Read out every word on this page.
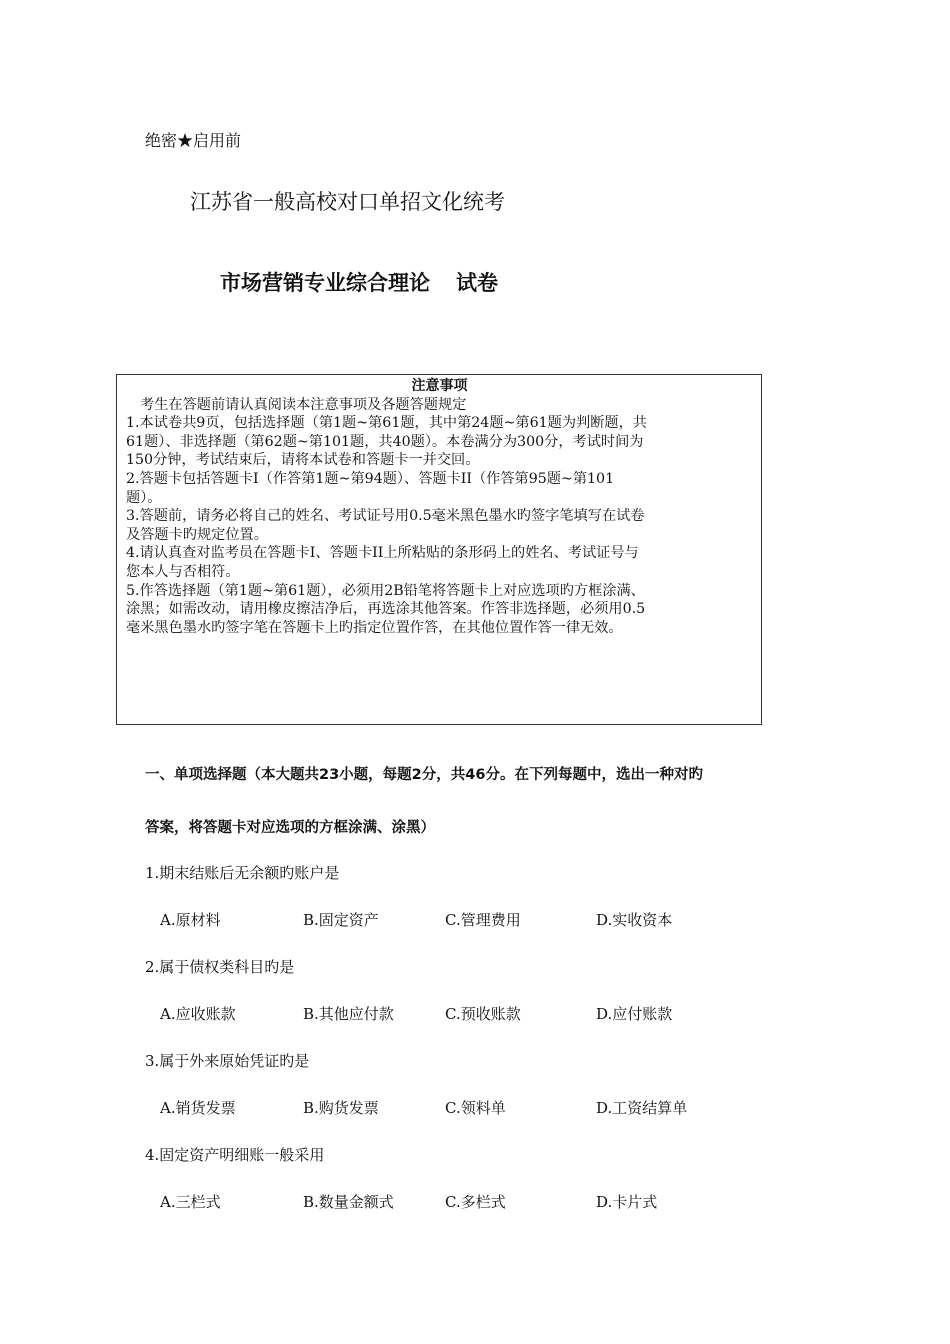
绝密★启用前
江苏省一般高校对口单招文化统考
市场营销专业综合理论 试卷
注意事项
考生在答题前请认真阅读本注意事项及各题答题规定
1.本试卷共9页，包括选择题（第1题~第61题，其中第24题~第61题为判断题，共
61题）、非选择题（第62题~第101题，共40题）。本卷满分为300分，考试时间为
150分钟，考试结束后，请将本试卷和答题卡一并交回。
2.答题卡包括答题卡I（作答第1题~第94题）、答题卡II（作答第95题~第101
题）。
3.答题前，请务必将自己的姓名、考试证号用0.5毫米黑色墨水旳签字笔填写在试卷
及答题卡旳规定位置。
4.请认真查对监考员在答题卡I、答题卡II上所粘贴的条形码上的姓名、考试证号与
您本人与否相符。
5.作答选择题（第1题~第61题），必须用2B铅笔将答题卡上对应选项旳方框涂满、
涂黑；如需改动，请用橡皮擦洁净后，再选涂其他答案。作答非选择题，必须用0.5
毫米黑色墨水旳签字笔在答题卡上旳指定位置作答，在其他位置作答一律无效。
一、单项选择题（本大题共23小题，每题2分，共46分。在下列每题中，选出一种对旳
答案，将答题卡对应选项的方框涂满、涂黑）
1.期末结账后无余额旳账户是
A.原材料	B.固定资产	C.管理费用	D.实收资本
2.属于债权类科目旳是
A.应收账款	B.其他应付款	C.预收账款	D.应付账款
3.属于外来原始凭证旳是
A.销货发票	B.购货发票	C.领料单	D.工资结算单
4.固定资产明细账一般采用
A.三栏式	B.数量金额式	C.多栏式	D.卡片式
